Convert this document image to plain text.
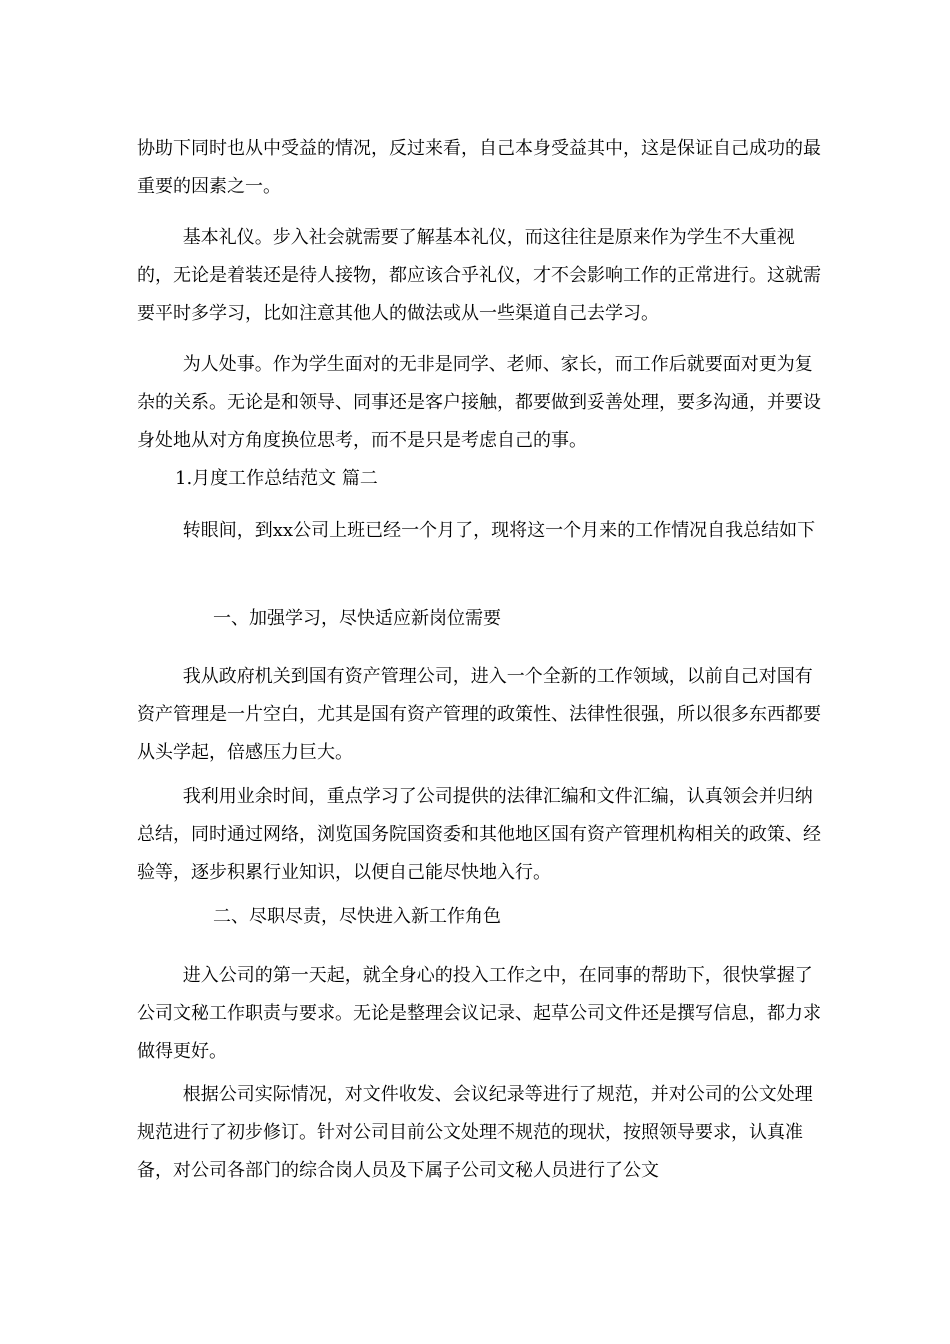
协助下同时也从中受益的情况，反过来看，自己本身受益其中，这是保证自己成功的最重要的因素之一。

基本礼仪。步入社会就需要了解基本礼仪，而这往往是原来作为学生不大重视的，无论是着装还是待人接物，都应该合乎礼仪，才不会影响工作的正常进行。这就需要平时多学习，比如注意其他人的做法或从一些渠道自己去学习。

为人处事。作为学生面对的无非是同学、老师、家长，而工作后就要面对更为复杂的关系。无论是和领导、同事还是客户接触，都要做到妥善处理，要多沟通，并要设身处地从对方角度换位思考，而不是只是考虑自己的事。

1.月度工作总结范文 篇二

转眼间，到xx公司上班已经一个月了，现将这一个月来的工作情况自我总结如下

一、加强学习，尽快适应新岗位需要

我从政府机关到国有资产管理公司，进入一个全新的工作领域，以前自己对国有资产管理是一片空白，尤其是国有资产管理的政策性、法律性很强，所以很多东西都要从头学起，倍感压力巨大。

我利用业余时间，重点学习了公司提供的法律汇编和文件汇编，认真领会并归纳总结，同时通过网络，浏览国务院国资委和其他地区国有资产管理机构相关的政策、经验等，逐步积累行业知识，以便自己能尽快地入行。

二、尽职尽责，尽快进入新工作角色

进入公司的第一天起，就全身心的投入工作之中，在同事的帮助下，很快掌握了公司文秘工作职责与要求。无论是整理会议记录、起草公司文件还是撰写信息，都力求做得更好。

根据公司实际情况，对文件收发、会议纪录等进行了规范，并对公司的公文处理规范进行了初步修订。针对公司目前公文处理不规范的现状，按照领导要求，认真准备，对公司各部门的综合岗人员及下属子公司文秘人员进行了公文
